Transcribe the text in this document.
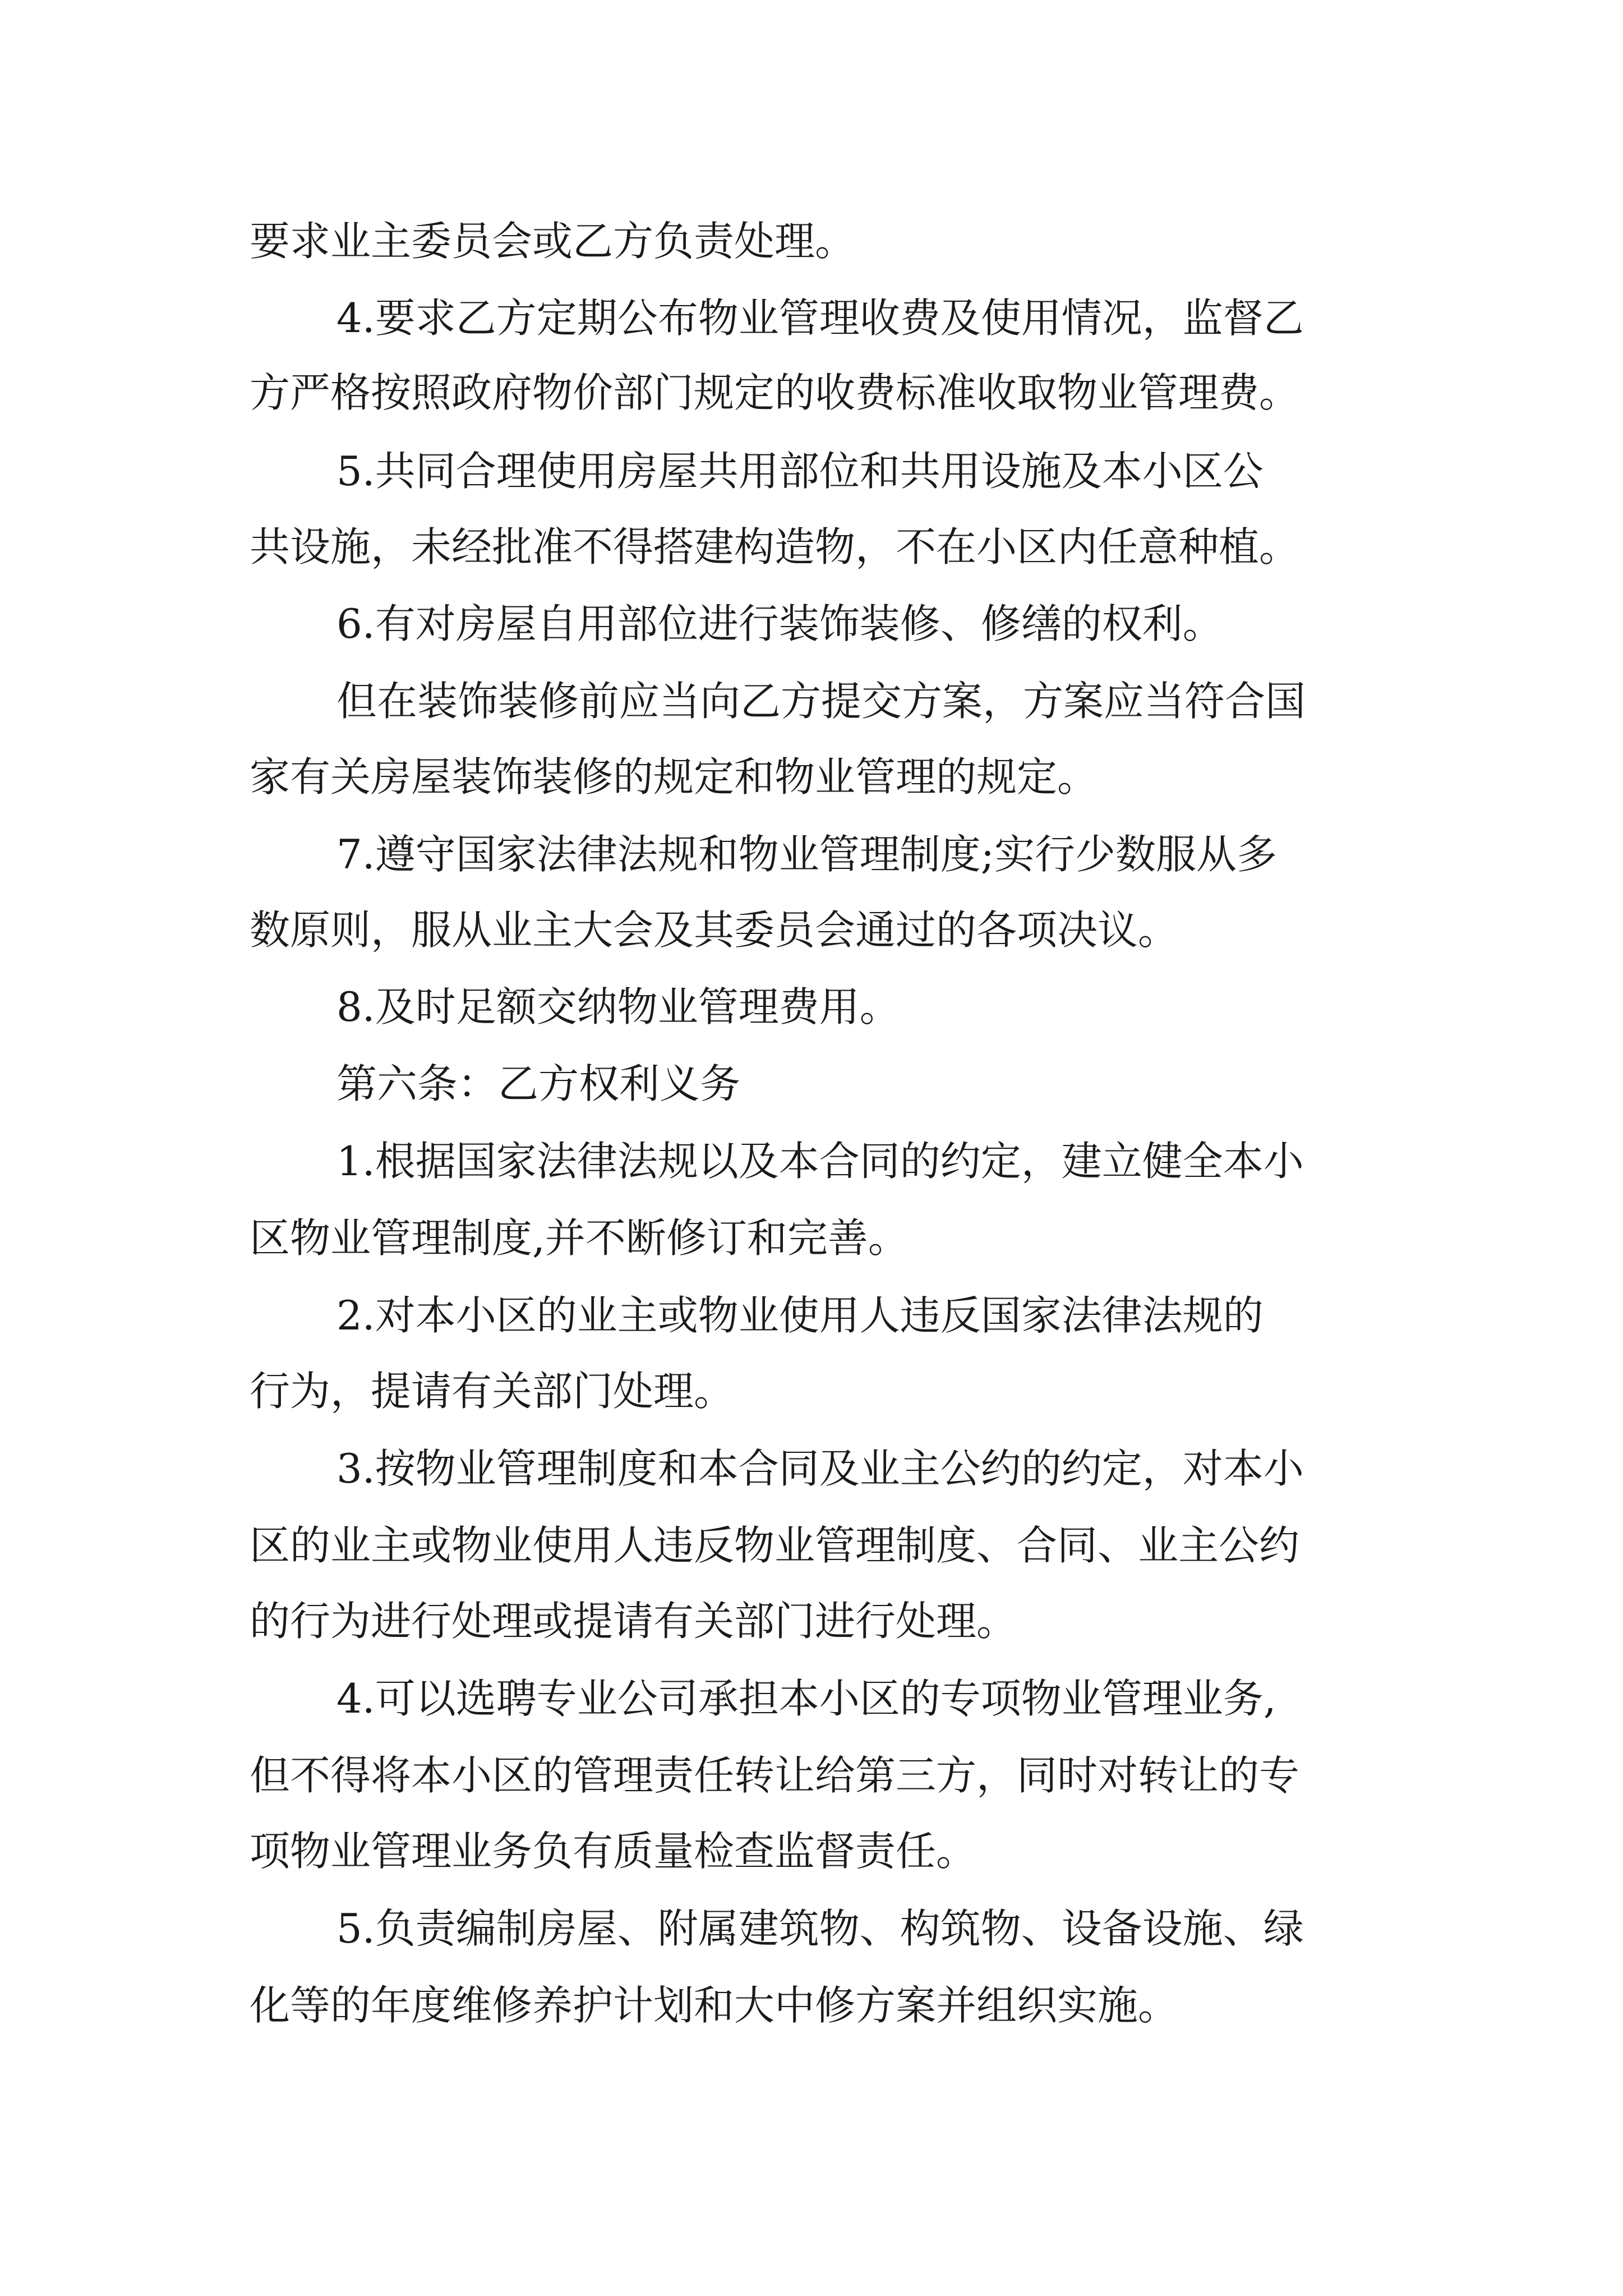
要求业主委员会或乙方负责处理。

4.要求乙方定期公布物业管理收费及使用情况，监督乙

方严格按照政府物价部门规定的收费标准收取物业管理费。

5.共同合理使用房屋共用部位和共用设施及本小区公

共设施，未经批准不得搭建构造物，不在小区内任意种植。

6.有对房屋自用部位进行装饰装修、修缮的权利。

但在装饰装修前应当向乙方提交方案，方案应当符合国

家有关房屋装饰装修的规定和物业管理的规定。

7.遵守国家法律法规和物业管理制度;实行少数服从多

数原则，服从业主大会及其委员会通过的各项决议。

8.及时足额交纳物业管理费用。

第六条：乙方权利义务

1.根据国家法律法规以及本合同的约定，建立健全本小

区物业管理制度,并不断修订和完善。

2.对本小区的业主或物业使用人违反国家法律法规的

行为，提请有关部门处理。

3.按物业管理制度和本合同及业主公约的约定，对本小

区的业主或物业使用人违反物业管理制度、合同、业主公约

的行为进行处理或提请有关部门进行处理。

4.可以选聘专业公司承担本小区的专项物业管理业务,

但不得将本小区的管理责任转让给第三方，同时对转让的专

项物业管理业务负有质量检查监督责任。

5.负责编制房屋、附属建筑物、构筑物、设备设施、绿

化等的年度维修养护计划和大中修方案并组织实施。
